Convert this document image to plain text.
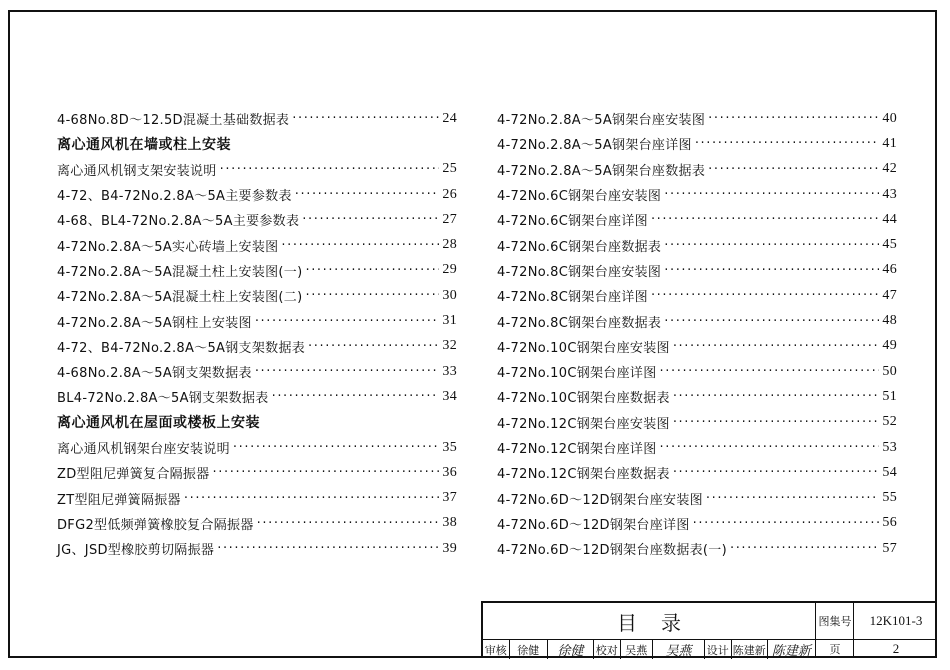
4-68No.8D～12.5D混凝土基础数据表 ·····	24
离心通风机在墙或柱上安装
离心通风机钢支架安装说明 ·····	25
4-72、B4-72No.2.8A～5A主要参数表 ·····	26
4-68、BL4-72No.2.8A～5A主要参数表 ·····	27
4-72No.2.8A～5A实心砖墙上安装图 ·····	28
4-72No.2.8A～5A混凝土柱上安装图(一) ·····	29
4-72No.2.8A～5A混凝土柱上安装图(二) ·····	30
4-72No.2.8A～5A钢柱上安装图 ·····	31
4-72、B4-72No.2.8A～5A钢支架数据表 ·····	32
4-68No.2.8A～5A钢支架数据表 ·····	33
BL4-72No.2.8A～5A钢支架数据表 ·····	34
离心通风机在屋面或楼板上安装
离心通风机钢架台座安装说明 ·····	35
ZD型阻尼弹簧复合隔振器 ·····	36
ZT型阻尼弹簧隔振器 ·····	37
DFG2型低频弹簧橡胶复合隔振器 ·····	38
JG、JSD型橡胶剪切隔振器 ·····	39
4-72No.2.8A～5A钢架台座安装图 ·····	40
4-72No.2.8A～5A钢架台座详图 ·····	41
4-72No.2.8A～5A钢架台座数据表 ·····	42
4-72No.6C钢架台座安装图 ·····	43
4-72No.6C钢架台座详图 ·····	44
4-72No.6C钢架台座数据表 ·····	45
4-72No.8C钢架台座安装图 ·····	46
4-72No.8C钢架台座详图 ·····	47
4-72No.8C钢架台座数据表 ·····	48
4-72No.10C钢架台座安装图 ·····	49
4-72No.10C钢架台座详图 ·····	50
4-72No.10C钢架台座数据表 ·····	51
4-72No.12C钢架台座安装图 ·····	52
4-72No.12C钢架台座详图 ·····	53
4-72No.12C钢架台座数据表 ·····	54
4-72No.6D～12D钢架台座安装图 ·····	55
4-72No.6D～12D钢架台座详图 ·····	56
4-72No.6D～12D钢架台座数据表(一) ·····	57
目录
审核 徐健	徐健	校对 吴燕	吴燕	设计 陈建新 陈建新
图集号	12K101-3
页	2
